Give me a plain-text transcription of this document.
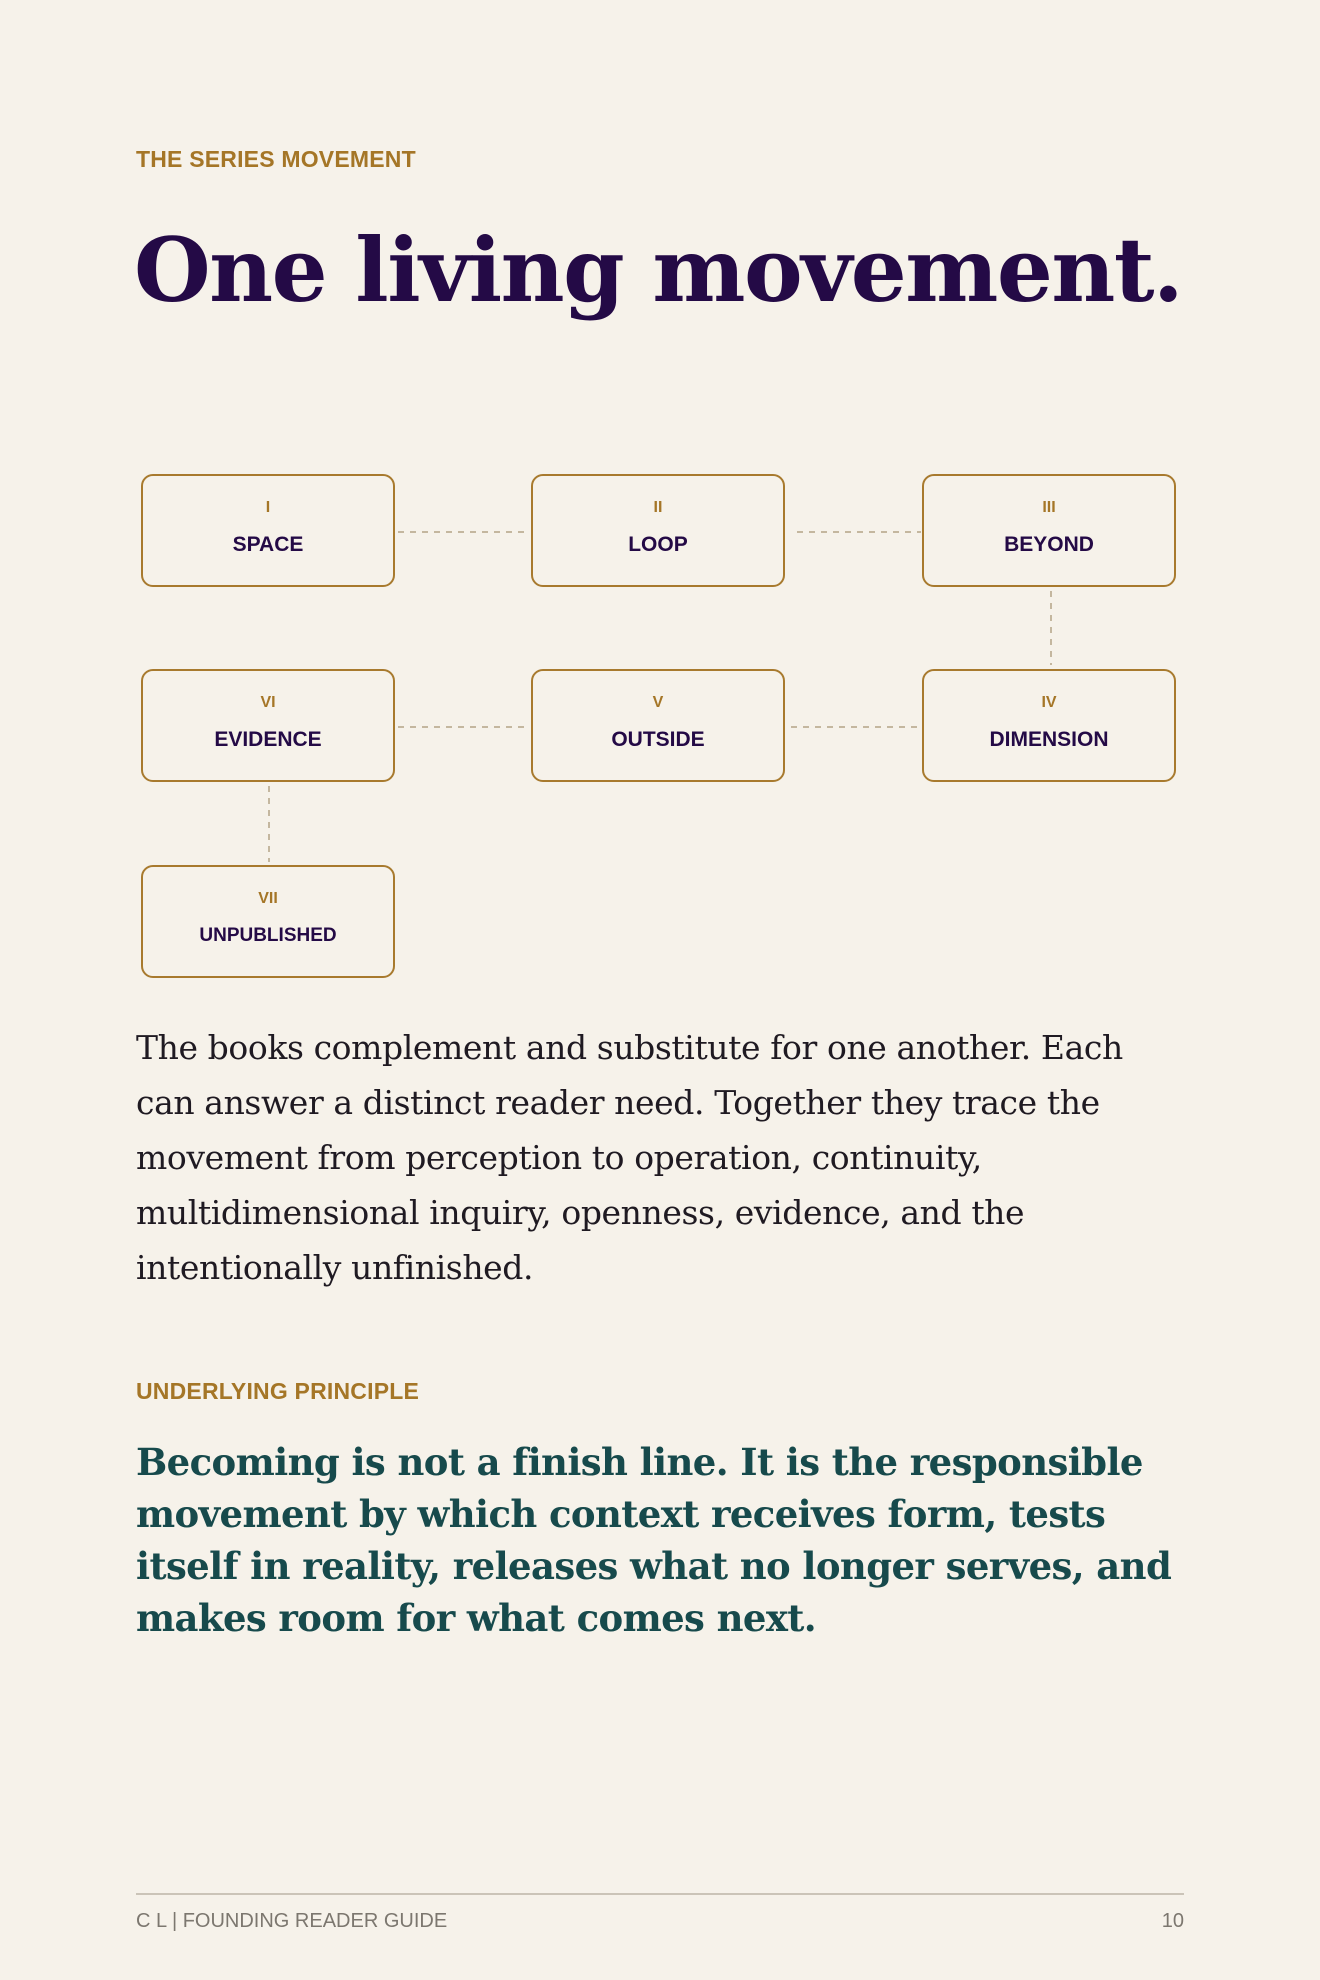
THE SERIES MOVEMENT
One living movement.
I
SPACE
II
LOOP
III
BEYOND
IV
DIMENSION
V
OUTSIDE
VI
EVIDENCE
VII
UNPUBLISHED

The books complement and substitute for one another. Each can answer a distinct reader need. Together they trace the movement from perception to operation, continuity, multidimensional inquiry, openness, evidence, and the intentionally unfinished.

UNDERLYING PRINCIPLE

Becoming is not a finish line. It is the responsible movement by which context receives form, tests itself in reality, releases what no longer serves, and makes room for what comes next.

C L | FOUNDING READER GUIDE	10
